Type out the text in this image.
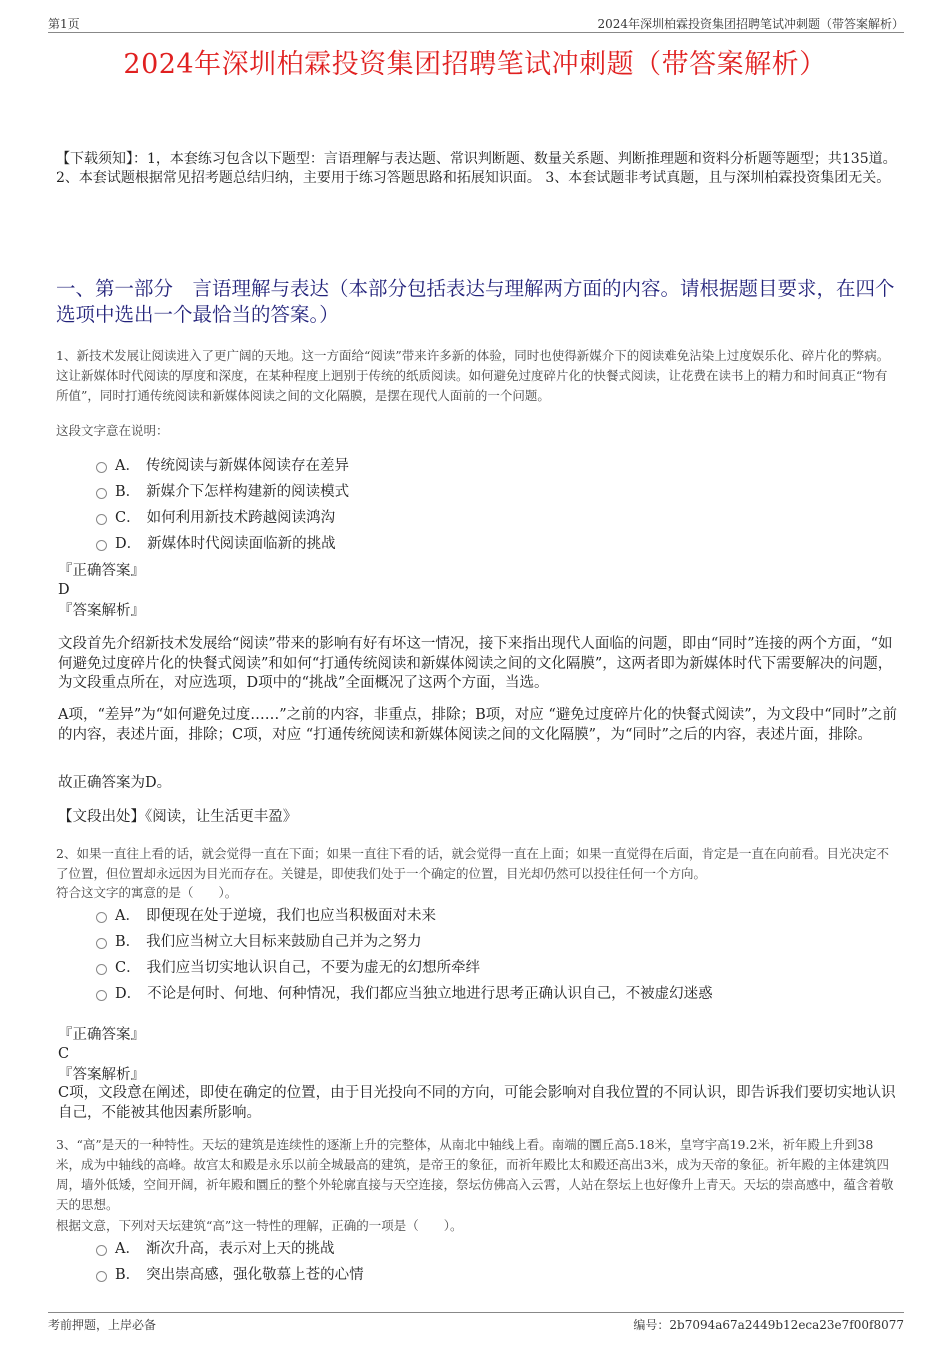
第1页	2024年深圳柏霖投资集团招聘笔试冲刺题（带答案解析）
2024年深圳柏霖投资集团招聘笔试冲刺题（带答案解析）
【下载须知】：1，本套练习包含以下题型：言语理解与表达题、常识判断题、数量关系题、判断推理题和资料分析题等题型；共135道。 2、本套试题根据常见招考题总结归纳，主要用于练习答题思路和拓展知识面。 3、本套试题非考试真题，且与深圳柏霖投资集团无关。
一、第一部分　言语理解与表达（本部分包括表达与理解两方面的内容。请根据题目要求，在四个选项中选出一个最恰当的答案。）
1、新技术发展让阅读进入了更广阔的天地。这一方面给“阅读”带来许多新的体验，同时也使得新媒介下的阅读难免沾染上过度娱乐化、碎片化的弊病。这让新媒体时代阅读的厚度和深度，在某种程度上迥别于传统的纸质阅读。如何避免过度碎片化的快餐式阅读，让花费在读书上的精力和时间真正“物有所值”，同时打通传统阅读和新媒体阅读之间的文化隔膜，是摆在现代人面前的一个问题。
这段文字意在说明：
A． 传统阅读与新媒体阅读存在差异
B． 新媒介下怎样构建新的阅读模式
C． 如何利用新技术跨越阅读鸿沟
D． 新媒体时代阅读面临新的挑战
『正确答案』
D
『答案解析』
文段首先介绍新技术发展给“阅读”带来的影响有好有坏这一情况，接下来指出现代人面临的问题，即由“同时”连接的两个方面，“如何避免过度碎片化的快餐式阅读”和如何“打通传统阅读和新媒体阅读之间的文化隔膜”，这两者即为新媒体时代下需要解决的问题，为文段重点所在，对应选项，D项中的“挑战”全面概况了这两个方面，当选。
A项，“差异”为“如何避免过度……”之前的内容，非重点，排除；B项，对应 “避免过度碎片化的快餐式阅读”，为文段中“同时”之前的内容，表述片面，排除；C项，对应 “打通传统阅读和新媒体阅读之间的文化隔膜”，为“同时”之后的内容，表述片面，排除。
故正确答案为D。
【文段出处】《阅读，让生活更丰盈》
2、如果一直往上看的话，就会觉得一直在下面；如果一直往下看的话，就会觉得一直在上面；如果一直觉得在后面，肯定是一直在向前看。目光决定不了位置，但位置却永远因为目光而存在。关键是，即使我们处于一个确定的位置，目光却仍然可以投往任何一个方向。
符合这文字的寓意的是（　　）。
A． 即便现在处于逆境，我们也应当积极面对未来
B． 我们应当树立大目标来鼓励自己并为之努力
C． 我们应当切实地认识自己，不要为虚无的幻想所牵绊
D． 不论是何时、何地、何种情况，我们都应当独立地进行思考正确认识自己，不被虚幻迷惑
『正确答案』
C
『答案解析』
C项，文段意在阐述，即使在确定的位置，由于目光投向不同的方向，可能会影响对自我位置的不同认识，即告诉我们要切实地认识自己，不能被其他因素所影响。
3、“高”是天的一种特性。天坛的建筑是连续性的逐渐上升的完整体，从南北中轴线上看。南端的圜丘高5.18米，皇穹宇高19.2米，祈年殿上升到38米，成为中轴线的高峰。故宫太和殿是永乐以前全城最高的建筑，是帝王的象征，而祈年殿比太和殿还高出3米，成为天帝的象征。祈年殿的主体建筑四周，墙外低矮，空间开阔，祈年殿和圜丘的整个外轮廓直接与天空连接，祭坛仿佛高入云霄，人站在祭坛上也好像升上青天。天坛的崇高感中，蕴含着敬天的思想。
根据文意，下列对天坛建筑“高”这一特性的理解，正确的一项是（　　）。
A． 渐次升高，表示对上天的挑战
B． 突出崇高感，强化敬慕上苍的心情
考前押题，上岸必备	编号：2b7094a67a2449b12eca23e7f00f8077
